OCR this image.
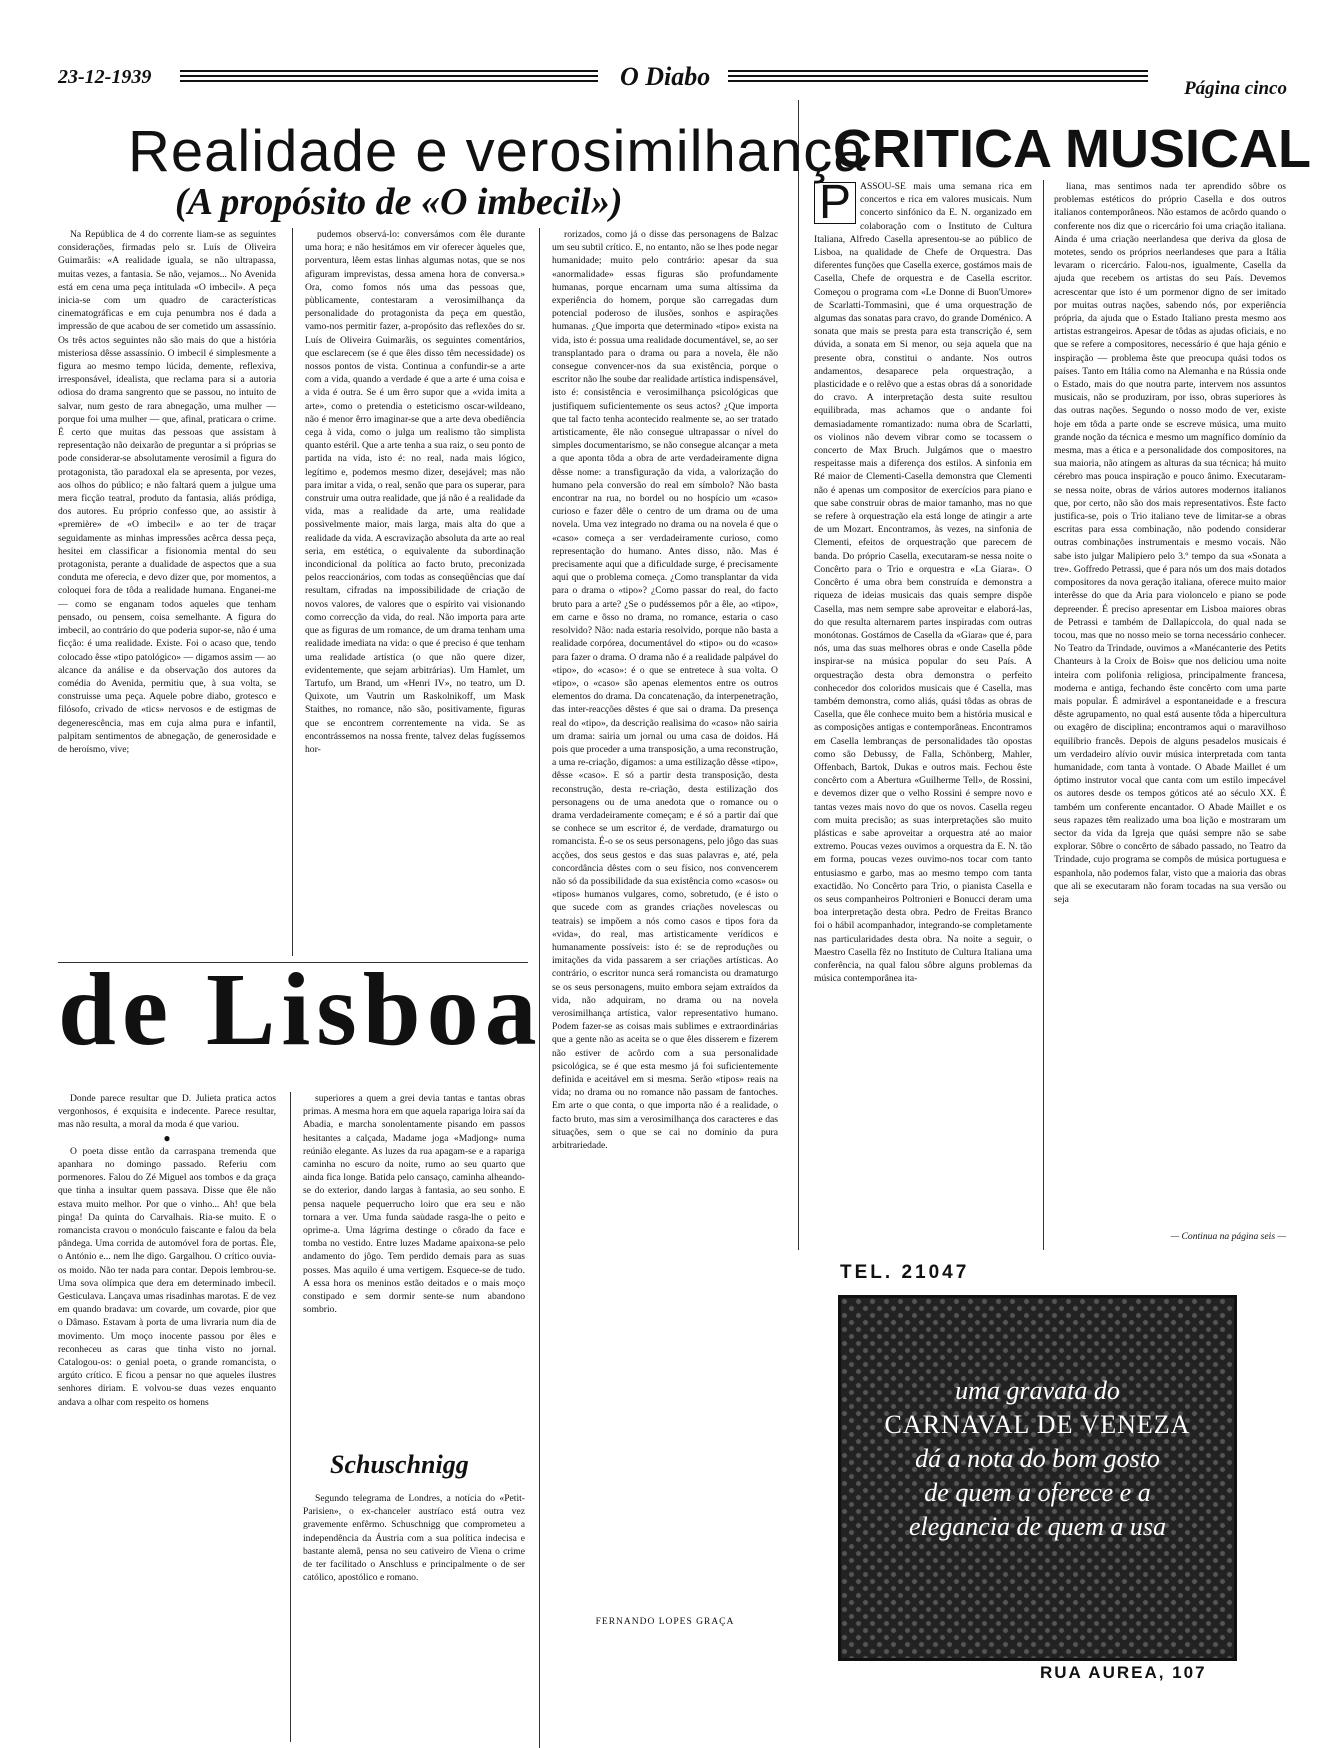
23-12-1939	O Diabo	Página cinco
Realidade e verosimilhança
(A propósito de «O imbecil»)

Na República de 4 do corrente liam-se as seguintes considerações, firmadas pelo sr. Luís de Oliveira Guimarãis: «A realidade iguala, se não ultrapassa, muitas vezes, a fantasia. Se não, vejamos... No Avenida está em cena uma peça intitulada «O imbecil». A peça inicia-se com um quadro de características cinematográficas e em cuja penumbra nos é dada a impressão de que acabou de ser cometido um assassínio. Os três actos seguintes não são mais do que a história misteriosa dêsse assassínio. O imbecil é simplesmente a figura ao mesmo tempo lúcida, demente, reflexiva, irresponsável, idealista, que reclama para si a autoria odiosa do drama sangrento que se passou, no intuito de salvar, num gesto de rara abnegação, uma mulher — porque foi uma mulher — que, afinal, praticara o crime. É certo que muitas das pessoas que assistam à representação não deixarão de preguntar a si próprias se pode considerar-se absolutamente verosímil a figura do protagonista, tão paradoxal ela se apresenta, por vezes, aos olhos do público; e não faltará quem a julgue uma mera ficção teatral, produto da fantasia, aliás pródiga, dos autores. Eu próprio confesso que, ao assistir à «première» de «O imbecil» e ao ter de traçar seguidamente as minhas impressões acêrca dessa peça, hesitei em classificar a fisionomia mental do seu protagonista, perante a dualidade de aspectos que a sua conduta me oferecia, e devo dizer que, por momentos, a coloquei fora de tôda a realidade humana. Enganei-me — como se enganam todos aqueles que tenham pensado, ou pensem, coisa semelhante. A figura do imbecil, ao contrário do que poderia supor-se, não é uma ficção: é uma realidade. Existe. Foi o acaso que, tendo colocado êsse «tipo patológico» — digamos assim — ao alcance da análise e da observação dos autores da comédia do Avenida, permitiu que, à sua volta, se construisse uma peça. Aquele pobre diabo, grotesco e filósofo, crivado de «tics» nervosos e de estigmas de degenerescência, mas em cuja alma pura e infantil, palpitam sentimentos de abnegação, de generosidade e de heroísmo, vive;

pudemos observá-lo: conversámos com êle durante uma hora; e não hesitámos em vir oferecer àqueles que, porventura, lêem estas linhas algumas notas, que se nos afiguram imprevistas, dessa amena hora de conversa.» Ora, como fomos nós uma das pessoas que, pùblicamente, contestaram a verosimilhança da personalidade do protagonista da peça em questão, vamo-nos permitir fazer, a-propósito das reflexões do sr. Luís de Oliveira Guimarãis, os seguintes comentários, que esclarecem (se é que êles disso têm necessidade) os nossos pontos de vista. Continua a confundir-se a arte com a vida, quando a verdade é que a arte é uma coisa e a vida é outra. Se é um êrro supor que a «vida imita a arte», como o pretendia o esteticismo oscar-wildeano, não é menor êrro imaginar-se que a arte deva obediência cega à vida, como o julga um realismo tão simplista quanto estéril. Que a arte tenha a sua raiz, o seu ponto de partida na vida, isto é: no real, nada mais lógico, legítimo e, podemos mesmo dizer, desejável; mas não para imitar a vida, o real, senão que para os superar, para construir uma outra realidade, que já não é a realidade da vida, mas a realidade da arte, uma realidade possìvelmente maior, mais larga, mais alta do que a realidade da vida. A escravização absoluta da arte ao real seria, em estética, o equivalente da subordinação incondicional da política ao facto bruto, preconizada pelos reaccionários, com todas as conseqüências que daí resultam, cifradas na impossibilidade de criação de novos valores, de valores que o espírito vai visionando como correcção da vida, do real. Não importa para arte que as figuras de um romance, de um drama tenham uma realidade imediata na vida: o que é preciso é que tenham uma realidade artística (o que não quere dizer, evidentemente, que sejam arbitrárias). Um Hamlet, um Tartufo, um Brand, um «Henri IV», no teatro, um D. Quixote, um Vautrin um Raskolnikoff, um Mask Staithes, no romance, não são, positivamente, figuras que se encontrem correntemente na vida. Se as encontrássemos na nossa frente, talvez delas fugíssemos hor-

rorizados, como já o disse das personagens de Balzac um seu subtil crítico. E, no entanto, não se lhes pode negar humanidade; muito pelo contrário: apesar da sua «anormalidade» essas figuras são profundamente humanas, porque encarnam uma suma altíssima da experiência do homem, porque são carregadas dum potencial poderoso de ilusões, sonhos e aspirações humanas. ¿Que importa que determinado «tipo» exista na vida, isto é: possua uma realidade documentável, se, ao ser transplantado para o drama ou para a novela, êle não consegue convencer-nos da sua existência, porque o escritor não lhe soube dar realidade artística indispensável, isto é: consistência e verosimilhança psicológicas que justifiquem suficientemente os seus actos? ¿Que importa que tal facto tenha acontecido realmente se, ao ser tratado artìsticamente, êle não consegue ultrapassar o nível do simples documentarismo, se não consegue alcançar a meta a que aponta tôda a obra de arte verdadeiramente digna dêsse nome: a transfiguração da vida, a valorização do humano pela conversão do real em símbolo? Não basta encontrar na rua, no bordel ou no hospício um «caso» curioso e fazer dêle o centro de um drama ou de uma novela. Uma vez integrado no drama ou na novela é que o «caso» começa a ser verdadeiramente curioso, como representação do humano. Antes disso, não. Mas é precisamente aqui que a dificuldade surge, é precisamente aqui que o problema começa. ¿Como transplantar da vida para o drama o «tipo»? ¿Como passar do real, do facto bruto para a arte? ¿Se o pudéssemos pôr a êle, ao «tipo», em carne e ôsso no drama, no romance, estaria o caso resolvido? Não: nada estaria resolvido, porque não basta a realidade corpórea, documentável do «tipo» ou do «caso» para fazer o drama. O drama não é a realidade palpável do «tipo», do «caso»: é o que se entretece à sua volta. O «tipo», o «caso» são apenas elementos entre os outros elementos do drama. Da concatenação, da interpenetração, das inter-reacções dêstes é que sai o drama. Da presença real do «tipo», da descrição realìsima do «caso» não sairia um drama: sairia um jornal ou uma casa de doidos. Há pois que proceder a uma transposição, a uma reconstrução, a uma re-criação, digamos: a uma estilização dêsse «tipo», dêsse «caso». E só a partir desta transposição, desta reconstrução, desta re-criação, desta estilização dos personagens ou de uma anedota que o romance ou o drama verdadeiramente começam; e é só a partir daí que se conhece se um escritor é, de verdade, dramaturgo ou romancista. É-o se os seus personagens, pelo jôgo das suas acções, dos seus gestos e das suas palavras e, até, pela concordância dêstes com o seu físico, nos convencerem não só da possibilidade da sua existência como «casos» ou «tipos» humanos vulgares, como, sobretudo, (e é isto o que sucede com as grandes criações novelescas ou teatrais) se impõem a nós como casos e tipos fora da «vida», do real, mas artìsticamente verídicos e humanamente possíveis: isto é: se de reproduções ou imitações da vida passarem a ser criações artísticas. Ao contrário, o escritor nunca será romancista ou dramaturgo se os seus personagens, muito embora sejam extraídos da vida, não adquiram, no drama ou na novela verosimilhança artística, valor representativo humano. Podem fazer-se as coisas mais sublimes e extraordinárias que a gente não as aceita se o que êles disserem e fizerem não estiver de acôrdo com a sua personalidade psicológica, se é que esta mesmo já foi suficientemente definida e aceitável em si mesma. Serão «tipos» reais na vida; no drama ou no romance não passam de fantoches. Em arte o que conta, o que importa não é a realidade, o facto bruto, mas sim a verosimilhança dos caracteres e das situações, sem o que se cai no domínio da pura arbitrariedade.

FERNANDO LOPES GRAÇA
de Lisboa

Donde parece resultar que D. Julieta pratica actos vergonhosos, é exquisita e indecente. Parece resultar, mas não resulta, a moral da moda é que variou.

●

O poeta disse então da carraspana tremenda que apanhara no domingo passado. Referiu com pormenores. Falou do Zé Miguel aos tombos e da graça que tinha a insultar quem passava. Disse que êle não estava muito melhor. Por que o vinho... Ah! que bela pinga! Da quinta do Carvalhais. Ria-se muito. E o romancista cravou o monóculo faiscante e falou da bela pândega. Uma corrida de automóvel fora de portas. Êle, o António e... nem lhe digo. Gargalhou. O crítico ouvia-os moido. Não ter nada para contar. Depois lembrou-se. Uma sova olímpica que dera em determinado imbecil. Gesticulava. Lançava umas risadinhas marotas. E de vez em quando bradava: um covarde, um covarde, pior que o Dâmaso. Estavam à porta de uma livraria num dia de movimento. Um moço inocente passou por êles e reconheceu as caras que tinha visto no jornal. Catalogou-os: o genial poeta, o grande romancista, o argúto crítico. E ficou a pensar no que aqueles ilustres senhores diriam. E volvou-se duas vezes enquanto andava a olhar com respeito os homens

superiores a quem a grei devia tantas e tantas obras primas. A mesma hora em que aquela rapariga loira saí da Abadia, e marcha sonolentamente pisando em passos hesitantes a calçada, Madame joga «Madjong» numa reúnião elegante. As luzes da rua apagam-se e a rapariga caminha no escuro da noite, rumo ao seu quarto que ainda fica longe. Batida pelo cansaço, caminha alheando-se do exterior, dando largas à fantasia, ao seu sonho. E pensa naquele pequerrucho loiro que era seu e não tornara a ver. Uma funda saùdade rasga-lhe o peito e oprime-a. Uma lágrima destinge o côrado da face e tomba no vestido. Entre luzes Madame apaixona-se pelo andamento do jôgo. Tem perdido demais para as suas posses. Mas aquilo é uma vertigem. Esquece-se de tudo. A essa hora os meninos estão deitados e o mais moço constipado e sem dormir sente-se num abandono sombrio.

Schuschnigg

Segundo telegrama de Londres, a notícia do «Petit-Parisien», o ex-chanceler austríaco está outra vez gravemente enfêrmo. Schuschnigg que comprometeu a independência da Áustria com a sua política indecisa e bastante alemã, pensa no seu cativeiro de Viena o crime de ter facilitado o Anschluss e principalmente o de ser católico, apostólico e romano.

CRITICA MUSICAL
P ASSOU-SE mais uma semana rica em concertos e rica em valores musicais. Num concerto sinfónico da E. N. organizado em colaboração com o Instituto de Cultura Italiana, Alfredo Casella apresentou-se ao público de Lisboa, na qualidade de Chefe de Orquestra. Das diferentes funções que Casella exerce, gostámos mais de Casella, Chefe de orquestra e de Casella escritor. Começou o programa com «Le Donne di Buon'Umore» de Scarlatti-Tommasini, que é uma orquestração de algumas das sonatas para cravo, do grande Doménico. A sonata que mais se presta para esta transcrição é, sem dúvida, a sonata em Si menor, ou seja aquela que na presente obra, constitui o andante. Nos outros andamentos, desaparece pela orquestração, a plasticidade e o relêvo que a estas obras dá a sonoridade do cravo. A interpretação desta suite resultou equilibrada, mas achamos que o andante foi demasiadamente romantizado: numa obra de Scarlatti, os violinos não devem vibrar como se tocassem o concerto de Max Bruch. Julgámos que o maestro respeitasse mais a diferença dos estilos. A sinfonia em Ré maior de Clementi-Casella demonstra que Clementi não é apenas um compositor de exercícios para piano e que sabe construir obras de maior tamanho, mas no que se refere à orquestração ela está longe de atingir a arte de um Mozart. Encontramos, às vezes, na sinfonia de Clementi, efeitos de orquestração que parecem de banda. Do próprio Casella, executaram-se nessa noite o Concêrto para o Trio e orquestra e «La Giara». O Concêrto é uma obra bem construída e demonstra a riqueza de ideias musicais das quais sempre dispõe Casella, mas nem sempre sabe aproveitar e elaborá-las, do que resulta alternarem partes inspiradas com outras monótonas. Gostámos de Casella da «Giara» que é, para nós, uma das suas melhores obras e onde Casella pôde inspirar-se na música popular do seu País. A orquestração desta obra demonstra o perfeito conhecedor dos coloridos musicais que é Casella, mas também demonstra, como aliás, quási tôdas as obras de Casella, que êle conhece muito bem a história musical e as composições antigas e contemporâneas. Encontramos em Casella lembranças de personalidades tão opostas como são Debussy, de Falla, Schönberg, Mahler, Offenbach, Bartok, Dukas e outros mais. Fechou êste concêrto com a Abertura «Guilherme Tell», de Rossini, e devemos dizer que o velho Rossini é sempre novo e tantas vezes mais novo do que os novos. Casella regeu com muita precisão; as suas interpretações são muito plásticas e sabe aproveitar a orquestra até ao maior extremo. Poucas vezes ouvimos a orquestra da E. N. tão em forma, poucas vezes ouvimo-nos tocar com tanto entusiasmo e garbo, mas ao mesmo tempo com tanta exactidão. No Concêrto para Trio, o pianista Casella e os seus companheiros Poltronieri e Bonucci deram uma boa interpretação desta obra. Pedro de Freitas Branco foi o hábil acompanhador, integrando-se completamente nas particularidades desta obra. Na noite a seguir, o Maestro Casella fêz no Instituto de Cultura Italiana uma conferência, na qual falou sôbre alguns problemas da música contemporânea ita-

liana, mas sentimos nada ter aprendido sôbre os problemas estéticos do próprio Casella e dos outros italianos contemporâneos. Não estamos de acôrdo quando o conferente nos diz que o ricercário foi uma criação italiana. Ainda é uma criação neerlandesa que deriva da glosa de motetes, sendo os próprios neerlandeses que para a Itália levaram o ricercário. Falou-nos, igualmente, Casella da ajuda que recebem os artistas do seu País. Devemos acrescentar que isto é um pormenor digno de ser imitado por muitas outras nações, sabendo nós, por experiência própria, da ajuda que o Estado Italiano presta mesmo aos artistas estrangeiros. Apesar de tôdas as ajudas oficiais, e no que se refere a compositores, necessário é que haja génio e inspiração — problema êste que preocupa quási todos os países. Tanto em Itália como na Alemanha e na Rússia onde o Estado, mais do que noutra parte, intervem nos assuntos musicais, não se produziram, por isso, obras superiores às das outras nações. Segundo o nosso modo de ver, existe hoje em tôda a parte onde se escreve música, uma muito grande noção da técnica e mesmo um magnífico domínio da mesma, mas a ética e a personalidade dos compositores, na sua maioria, não atingem as alturas da sua técnica; há muito cérebro mas pouca inspiração e pouco ânimo. Executaram-se nessa noite, obras de vários autores modernos italianos que, por certo, não são dos mais representativos. Êste facto justifica-se, pois o Trio italiano teve de limitar-se a obras escritas para essa combinação, não podendo considerar outras combinações instrumentais e mesmo vocais. Não sabe isto julgar Malipiero pelo 3.º tempo da sua «Sonata a tre». Goffredo Petrassi, que é para nós um dos mais dotados compositores da nova geração italiana, oferece muito maior interêsse do que da Aria para violoncelo e piano se pode depreender. É preciso apresentar em Lisboa maiores obras de Petrassi e também de Dallapiccola, do qual nada se tocou, mas que no nosso meio se torna necessário conhecer. No Teatro da Trindade, ouvimos a «Manécanterie des Petits Chanteurs à la Croix de Bois» que nos deliciou uma noite inteira com polifonia religiosa, principalmente francesa, moderna e antiga, fechando êste concêrto com uma parte mais popular. É admirável a espontaneidade e a frescura dêste agrupamento, no qual está ausente tôda a hipercultura ou exagêro de disciplina; encontramos aqui o maravilhoso equilíbrio francês. Depois de alguns pesadelos musicais é um verdadeiro alívio ouvir música interpretada com tanta humanidade, com tanta à vontade. O Abade Maillet é um óptimo instrutor vocal que canta com um estilo impecável os autores desde os tempos góticos até ao século XX. É também um conferente encantador. O Abade Maillet e os seus rapazes têm realizado uma boa lição e mostraram um sector da vida da Igreja que quási sempre não se sabe explorar. Sôbre o concêrto de sábado passado, no Teatro da Trindade, cujo programa se compôs de música portuguesa e espanhola, não podemos falar, visto que a maioria das obras que ali se executaram não foram tocadas na sua versão ou seja

— Continua na página seis —
TEL. 21047
uma gravata do
CARNAVAL DE VENEZA
dá a nota do bom gosto
de quem a oferece e a
elegancia de quem a usa
RUA AUREA, 107
